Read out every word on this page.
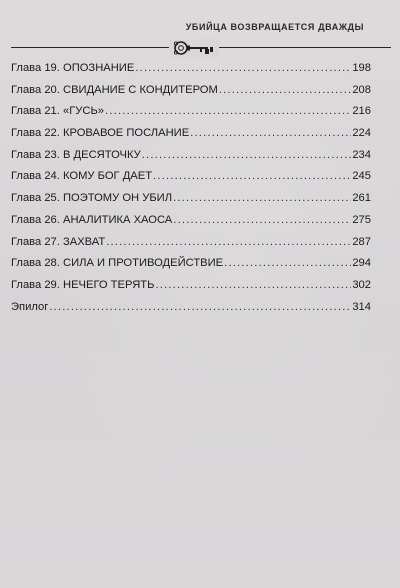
УБИЙЦА ВОЗВРАЩАЕТСЯ ДВАЖДЫ
Глава 19. ОПОЗНАНИЕ .....	198
Глава 20. СВИДАНИЕ С КОНДИТЕРОМ .....	208
Глава 21. «ГУСЬ» .....	216
Глава 22. КРОВАВОЕ ПОСЛАНИЕ .....	224
Глава 23. В ДЕСЯТОЧКУ .....	234
Глава 24. КОМУ БОГ ДАЕТ .....	245
Глава 25. ПОЭТОМУ ОН УБИЛ .....	261
Глава 26. АНАЛИТИКА ХАОСА .....	275
Глава 27. ЗАХВАТ .....	287
Глава 28. СИЛА И ПРОТИВОДЕЙСТВИЕ .....	294
Глава 29. НЕЧЕГО ТЕРЯТЬ .....	302
Эпилог .....	314
